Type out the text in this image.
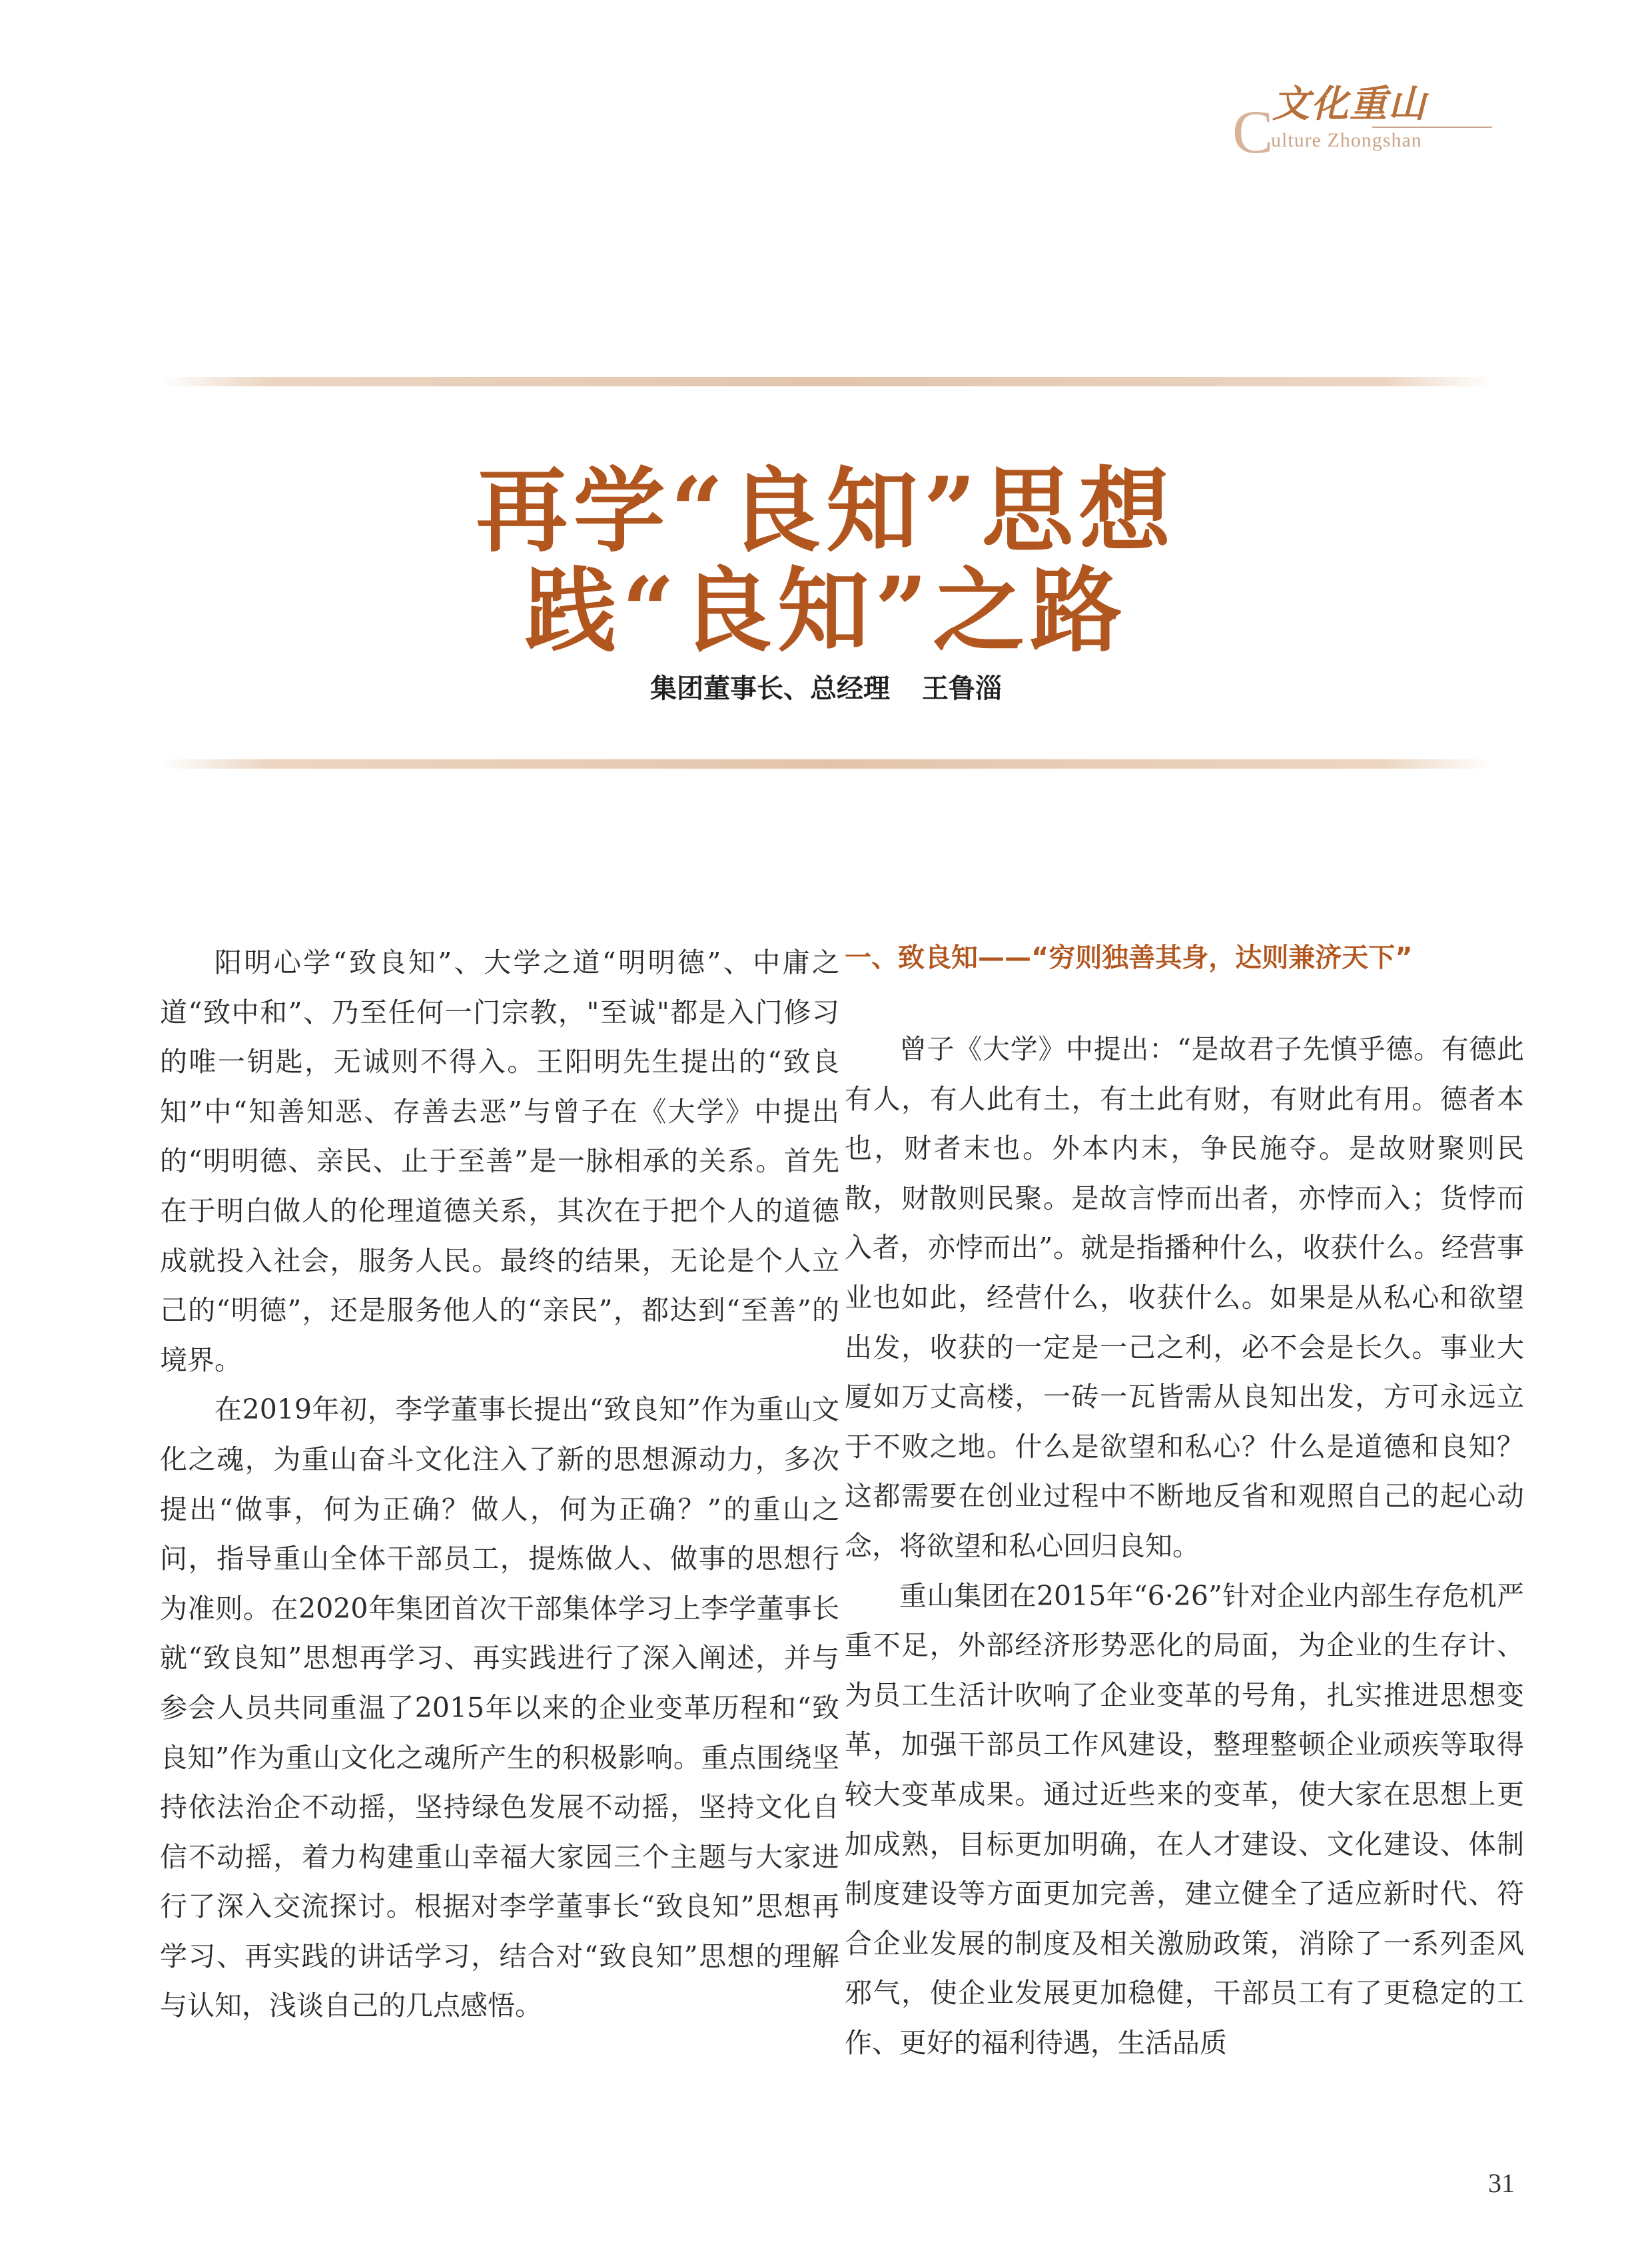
C
文化重山
ulture Zhongshan
再学“良知”思想
践“良知”之路
集团董事长、总经理 王鲁淄

阳明心学“致良知”、大学之道“明明德”、中庸之道“致中和”、乃至任何一门宗教，"至诚"都是入门修习的唯一钥匙，无诚则不得入。王阳明先生提出的“致良知”中“知善知恶、存善去恶”与曾子在《大学》中提出的“明明德、亲民、止于至善”是一脉相承的关系。首先在于明白做人的伦理道德关系，其次在于把个人的道德成就投入社会，服务人民。最终的结果，无论是个人立己的“明德”，还是服务他人的“亲民”，都达到“至善”的境界。

在2019年初，李学董事长提出“致良知”作为重山文化之魂，为重山奋斗文化注入了新的思想源动力，多次提出“做事，何为正确？做人，何为正确？”的重山之问，指导重山全体干部员工，提炼做人、做事的思想行为准则。在2020年集团首次干部集体学习上李学董事长就“致良知”思想再学习、再实践进行了深入阐述，并与参会人员共同重温了2015年以来的企业变革历程和“致良知”作为重山文化之魂所产生的积极影响。重点围绕坚持依法治企不动摇，坚持绿色发展不动摇，坚持文化自信不动摇，着力构建重山幸福大家园三个主题与大家进行了深入交流探讨。根据对李学董事长“致良知”思想再学习、再实践的讲话学习，结合对“致良知”思想的理解与认知，浅谈自己的几点感悟。

一、致良知——“穷则独善其身，达则兼济天下”

曾子《大学》中提出：“是故君子先慎乎德。有德此有人，有人此有土，有土此有财，有财此有用。德者本也，财者末也。外本内末，争民施夺。是故财聚则民散，财散则民聚。是故言悖而出者，亦悖而入；货悖而入者，亦悖而出”。就是指播种什么，收获什么。经营事业也如此，经营什么，收获什么。如果是从私心和欲望出发，收获的一定是一己之利，必不会是长久。事业大厦如万丈高楼，一砖一瓦皆需从良知出发，方可永远立于不败之地。什么是欲望和私心？什么是道德和良知？这都需要在创业过程中不断地反省和观照自己的起心动念，将欲望和私心回归良知。

重山集团在2015年“6·26”针对企业内部生存危机严重不足，外部经济形势恶化的局面，为企业的生存计、为员工生活计吹响了企业变革的号角，扎实推进思想变革，加强干部员工作风建设，整理整顿企业顽疾等取得较大变革成果。通过近些来的变革，使大家在思想上更加成熟，目标更加明确，在人才建设、文化建设、体制制度建设等方面更加完善，建立健全了适应新时代、符合企业发展的制度及相关激励政策，消除了一系列歪风邪气，使企业发展更加稳健，干部员工有了更稳定的工作、更好的福利待遇，生活品质

31
